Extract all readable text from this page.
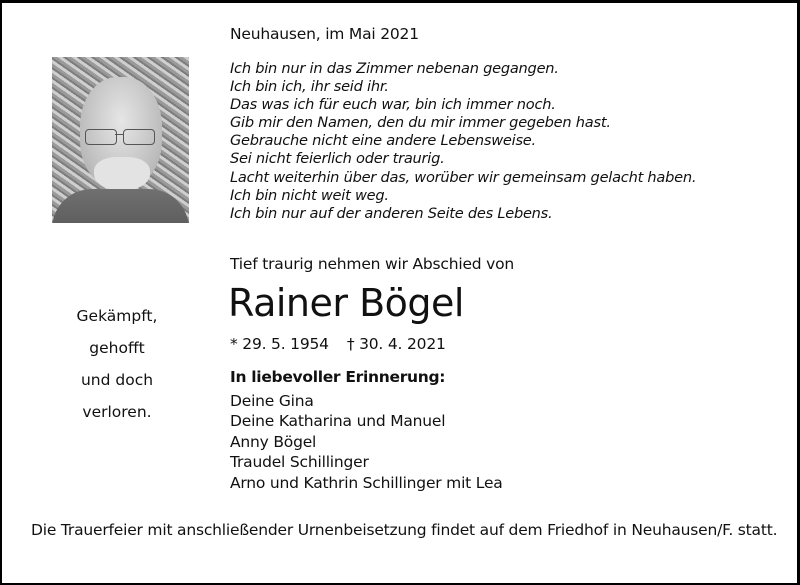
Neuhausen, im Mai 2021
Ich bin nur in das Zimmer nebenan gegangen.
Ich bin ich, ihr seid ihr.
Das was ich für euch war, bin ich immer noch.
Gib mir den Namen, den du mir immer gegeben hast.
Gebrauche nicht eine andere Lebensweise.
Sei nicht feierlich oder traurig.
Lacht weiterhin über das, worüber wir gemeinsam gelacht haben.
Ich bin nicht weit weg.
Ich bin nur auf der anderen Seite des Lebens.
Tief traurig nehmen wir Abschied von
Rainer Bögel
* 29. 5. 1954 † 30. 4. 2021
Gekämpft,
gehofft
und doch
verloren.
In liebevoller Erinnerung:
Deine Gina
Deine Katharina und Manuel
Anny Bögel
Traudel Schillinger
Arno und Kathrin Schillinger mit Lea
Die Trauerfeier mit anschließender Urnenbeisetzung findet auf dem Friedhof in Neuhausen/F. statt.
